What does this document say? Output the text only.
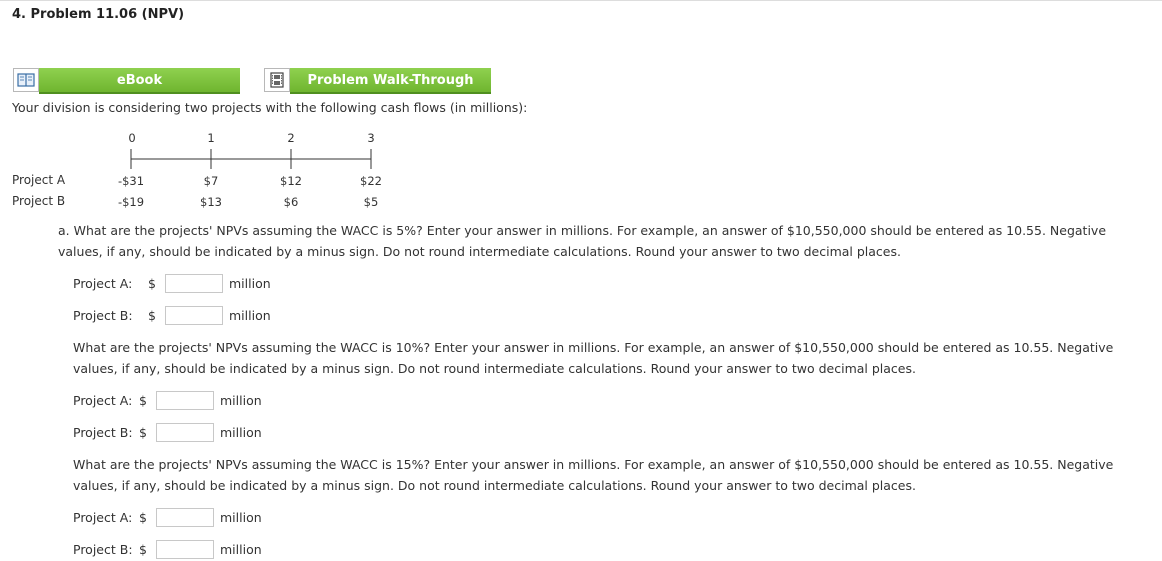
4. Problem 11.06 (NPV)
eBook	Problem Walk-Through
Your division is considering two projects with the following cash flows (in millions):
0	1	2	3
Project A	-$31	$7	$12	$22
Project B	-$19	$13	$6	$5
a. What are the projects' NPVs assuming the WACC is 5%? Enter your answer in millions. For example, an answer of $10,550,000 should be entered as 10.55. Negative values, if any, should be indicated by a minus sign. Do not round intermediate calculations. Round your answer to two decimal places.
Project A: $	million
Project B: $	million
What are the projects' NPVs assuming the WACC is 10%? Enter your answer in millions. For example, an answer of $10,550,000 should be entered as 10.55. Negative values, if any, should be indicated by a minus sign. Do not round intermediate calculations. Round your answer to two decimal places.
Project A: $	million
Project B: $	million
What are the projects' NPVs assuming the WACC is 15%? Enter your answer in millions. For example, an answer of $10,550,000 should be entered as 10.55. Negative values, if any, should be indicated by a minus sign. Do not round intermediate calculations. Round your answer to two decimal places.
Project A: $	million
Project B: $	million
